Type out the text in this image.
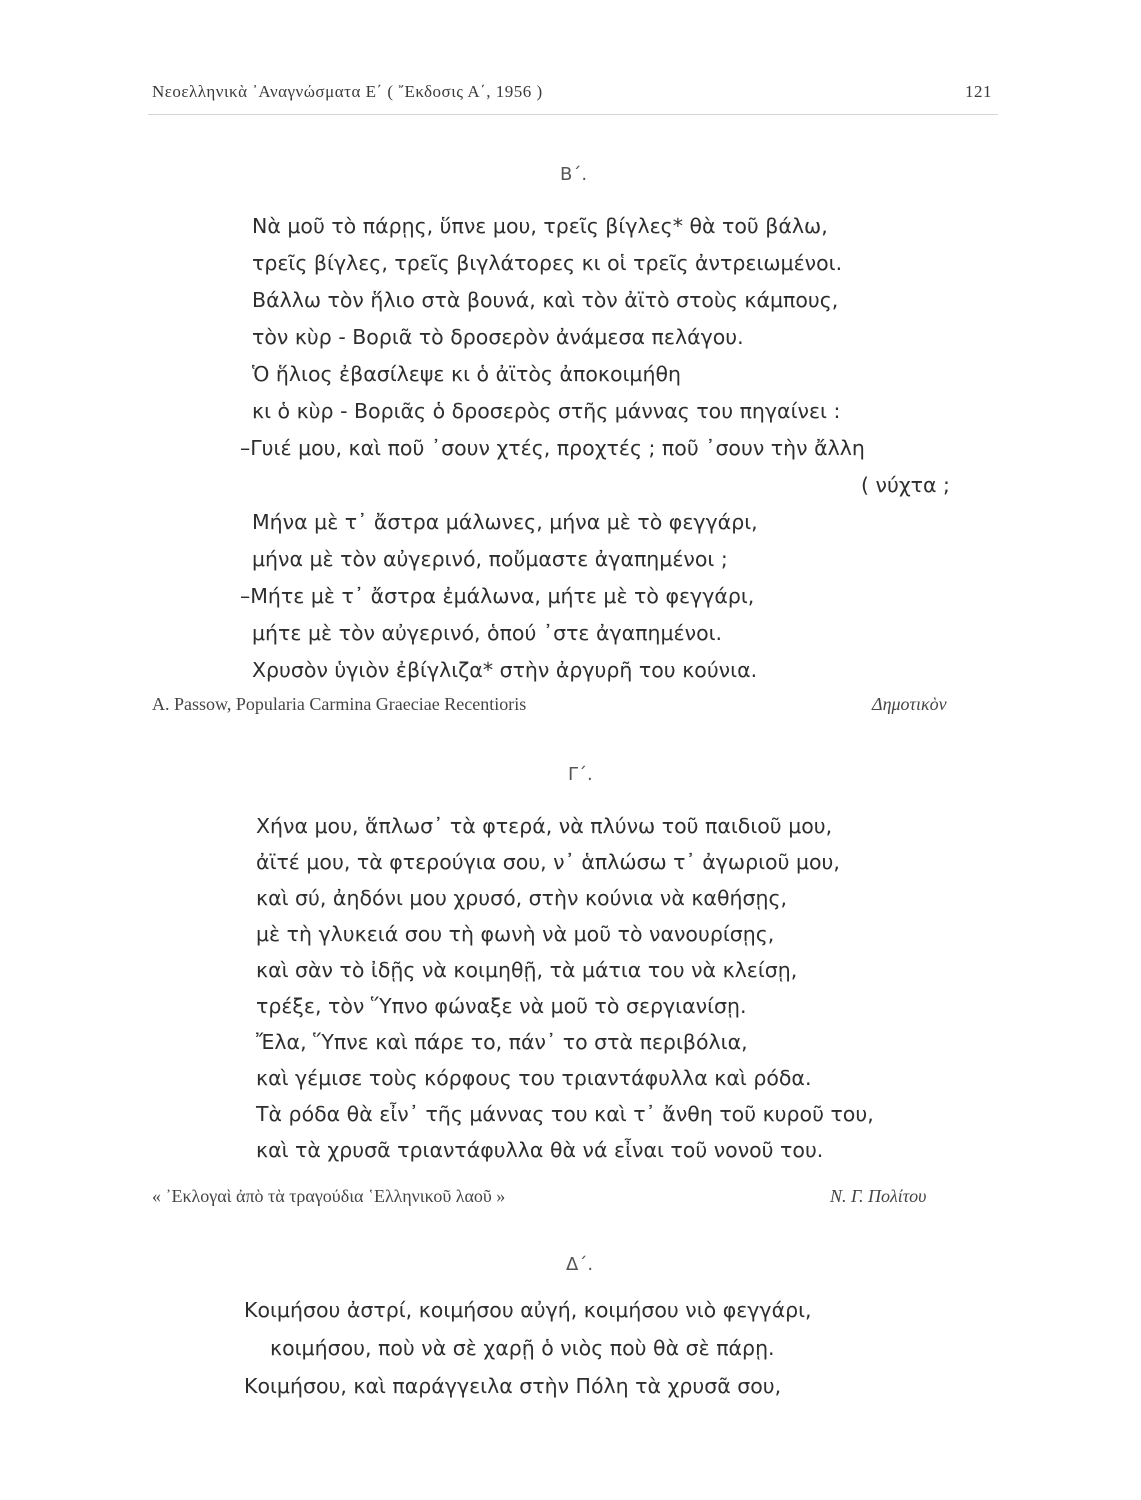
Νεοελληνικὰ ᾿Αναγνώσματα Ε΄ ( ῎Εκδοσις Α΄, 1956 )	121
Β΄.
Νὰ μοῦ τὸ πάρῃς, ὕπνε μου, τρεῖς βίγλες* θὰ τοῦ βάλω,
τρεῖς βίγλες, τρεῖς βιγλάτορες κι οἱ τρεῖς ἀντρειωμένοι.
Βάλλω τὸν ἥλιο στὰ βουνά, καὶ τὸν ἀϊτὸ στοὺς κάμπους,
τὸν κὺρ - Βοριᾶ τὸ δροσερὸν ἀνάμεσα πελάγου.
Ὁ ἥλιος ἐβασίλεψε κι ὁ ἀϊτὸς ἀποκοιμήθη
κι ὁ κὺρ - Βοριᾶς ὁ δροσερὸς στῆς μάννας του πηγαίνει :
–Γυιέ μου, καὶ ποῦ ᾽σουν χτές, προχτές ; ποῦ ᾽σουν τὴν ἄλλη
( νύχτα ;
Μήνα μὲ τ᾽ ἄστρα μάλωνες, μήνα μὲ τὸ φεγγάρι,
μήνα μὲ τὸν αὐγερινό, ποὔμαστε ἀγαπημένοι ;
–Μήτε μὲ τ᾽ ἄστρα ἐμάλωνα, μήτε μὲ τὸ φεγγάρι,
μήτε μὲ τὸν αὐγερινό, ὁπού ᾽στε ἀγαπημένοι.
Χρυσὸν ὑγιὸν ἐβίγλιζα* στὴν ἀργυρῆ του κούνια.
A. Passow, Popularia Carmina Graeciae Recentioris	Δημοτικὸν
Γ΄.
Χήνα μου, ἅπλωσ᾽ τὰ φτερά, νὰ πλύνω τοῦ παιδιοῦ μου,
ἀϊτέ μου, τὰ φτερούγια σου, ν᾽ ἁπλώσω τ᾽ ἀγωριοῦ μου,
καὶ σύ, ἀηδόνι μου χρυσό, στὴν κούνια νὰ καθήσῃς,
μὲ τὴ γλυκειά σου τὴ φωνὴ νὰ μοῦ τὸ νανουρίσῃς,
καὶ σὰν τὸ ἰδῇς νὰ κοιμηθῇ, τὰ μάτια του νὰ κλείσῃ,
τρέξε, τὸν Ὕπνο φώναξε νὰ μοῦ τὸ σεργιανίσῃ.
Ἔλα, Ὕπνε καὶ πάρε το, πάν᾽ το στὰ περιβόλια,
καὶ γέμισε τοὺς κόρφους του τριαντάφυλλα καὶ ρόδα.
Τὰ ρόδα θὰ εἶν᾽ τῆς μάννας του καὶ τ᾽ ἄνθη τοῦ κυροῦ του,
καὶ τὰ χρυσᾶ τριαντάφυλλα θὰ νά εἶναι τοῦ νονοῦ του.
« ᾿Εκλογαὶ ἀπὸ τὰ τραγούδια ῾Ελληνικοῦ λαοῦ »	Ν. Γ. Πολίτου
Δ΄.
Κοιμήσου ἀστρί, κοιμήσου αὐγή, κοιμήσου νιὸ φεγγάρι,
κοιμήσου, ποὺ νὰ σὲ χαρῇ ὁ νιὸς ποὺ θὰ σὲ πάρῃ.
Κοιμήσου, καὶ παράγγειλα στὴν Πόλη τὰ χρυσᾶ σου,
